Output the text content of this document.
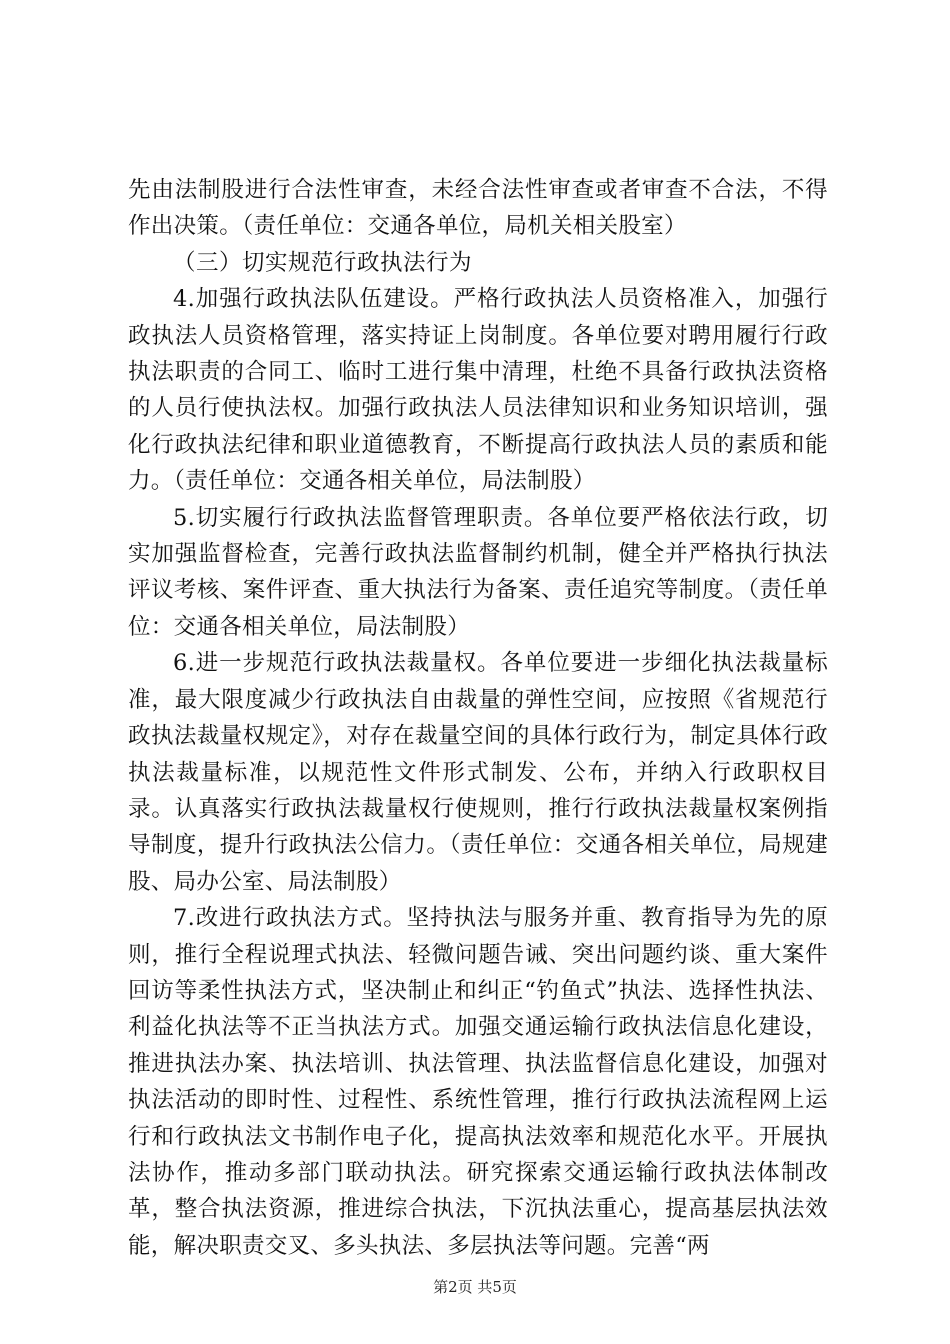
先由法制股进行合法性审查，未经合法性审查或者审查不合法，不得作出决策。（责任单位：交通各单位，局机关相关股室）

（三）切实规范行政执法行为

4.加强行政执法队伍建设。严格行政执法人员资格准入，加强行政执法人员资格管理，落实持证上岗制度。各单位要对聘用履行行政执法职责的合同工、临时工进行集中清理，杜绝不具备行政执法资格的人员行使执法权。加强行政执法人员法律知识和业务知识培训，强化行政执法纪律和职业道德教育，不断提高行政执法人员的素质和能力。（责任单位：交通各相关单位，局法制股）

5.切实履行行政执法监督管理职责。各单位要严格依法行政，切实加强监督检查，完善行政执法监督制约机制，健全并严格执行执法评议考核、案件评查、重大执法行为备案、责任追究等制度。（责任单位：交通各相关单位，局法制股）

6.进一步规范行政执法裁量权。各单位要进一步细化执法裁量标准，最大限度减少行政执法自由裁量的弹性空间，应按照《省规范行政执法裁量权规定》，对存在裁量空间的具体行政行为，制定具体行政执法裁量标准，以规范性文件形式制发、公布，并纳入行政职权目录。认真落实行政执法裁量权行使规则，推行行政执法裁量权案例指导制度，提升行政执法公信力。（责任单位：交通各相关单位，局规建股、局办公室、局法制股）

7.改进行政执法方式。坚持执法与服务并重、教育指导为先的原则，推行全程说理式执法、轻微问题告诫、突出问题约谈、重大案件回访等柔性执法方式，坚决制止和纠正“钓鱼式”执法、选择性执法、利益化执法等不正当执法方式。加强交通运输行政执法信息化建设，推进执法办案、执法培训、执法管理、执法监督信息化建设，加强对执法活动的即时性、过程性、系统性管理，推行行政执法流程网上运行和行政执法文书制作电子化，提高执法效率和规范化水平。开展执法协作，推动多部门联动执法。研究探索交通运输行政执法体制改革，整合执法资源，推进综合执法，下沉执法重心，提高基层执法效能，解决职责交叉、多头执法、多层执法等问题。完善“两

第2页 共5页
